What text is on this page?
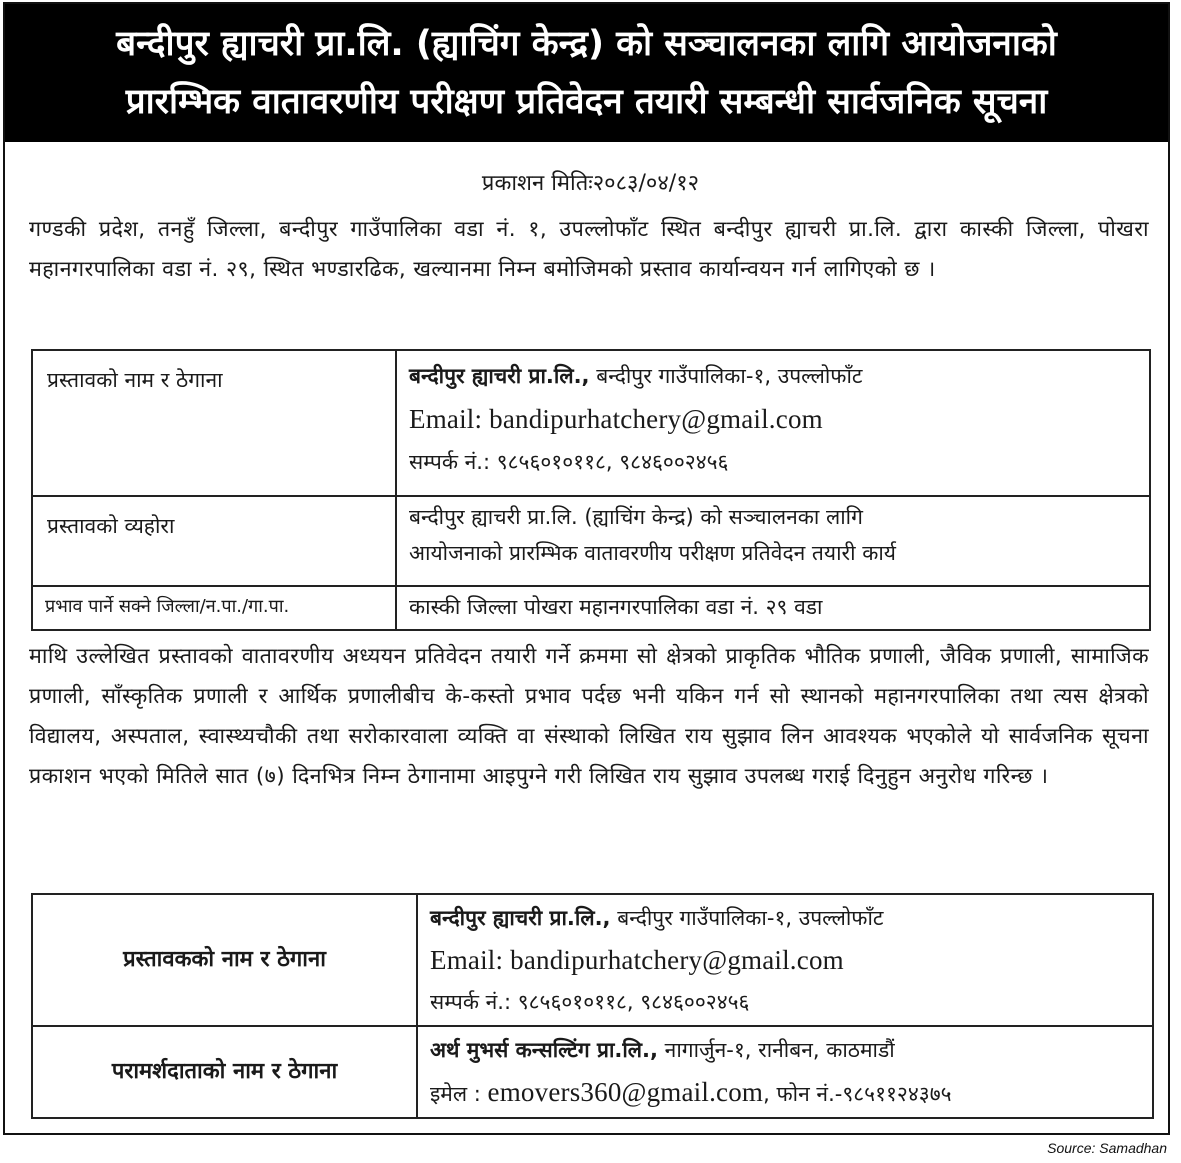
बन्दीपुर ह्याचरी प्रा.लि. (ह्याचिंग केन्द्र) को सञ्चालनका लागि आयोजनाको
प्रारम्भिक वातावरणीय परीक्षण प्रतिवेदन तयारी सम्बन्धी सार्वजनिक सूचना
प्रकाशन मितिः२०८३/०४/१२
गण्डकी प्रदेश, तनहुँ जिल्ला, बन्दीपुर गाउँपालिका वडा नं. १, उपल्लोफाँट स्थित बन्दीपुर ह्याचरी प्रा.लि. द्वारा कास्की जिल्ला, पोखरा महानगरपालिका वडा नं. २९, स्थित भण्डारढिक, खल्यानमा निम्न बमोजिमको प्रस्ताव कार्यान्वयन गर्न लागिएको छ ।
प्रस्तावको नाम र ठेगाना	बन्दीपुर ह्याचरी प्रा.लि., बन्दीपुर गाउँपालिका-१, उपल्लोफाँट
Email: bandipurhatchery@gmail.com
सम्पर्क नं.: ९८५६०१०११८, ९८४६००२४५६

प्रस्तावको व्यहोरा	बन्दीपुर ह्याचरी प्रा.लि. (ह्याचिंग केन्द्र) को सञ्चालनका लागि
आयोजनाको प्रारम्भिक वातावरणीय परीक्षण प्रतिवेदन तयारी कार्य

प्रभाव पार्ने सक्ने जिल्ला/न.पा./गा.पा.	कास्की जिल्ला पोखरा महानगरपालिका वडा नं. २९ वडा
माथि उल्लेखित प्रस्तावको वातावरणीय अध्ययन प्रतिवेदन तयारी गर्ने क्रममा सो क्षेत्रको प्राकृतिक भौतिक प्रणाली, जैविक प्रणाली, सामाजिक प्रणाली, साँस्कृतिक प्रणाली र आर्थिक प्रणालीबीच के-कस्तो प्रभाव पर्दछ भनी यकिन गर्न सो स्थानको महानगरपालिका तथा त्यस क्षेत्रको विद्यालय, अस्पताल, स्वास्थ्यचौकी तथा सरोकारवाला व्यक्ति वा संस्थाको लिखित राय सुझाव लिन आवश्यक भएकोले यो सार्वजनिक सूचना प्रकाशन भएको मितिले सात (७) दिनभित्र निम्न ठेगानामा आइपुग्ने गरी लिखित राय सुझाव उपलब्ध गराई दिनुहुन अनुरोध गरिन्छ ।
प्रस्तावकको नाम र ठेगाना	बन्दीपुर ह्याचरी प्रा.लि., बन्दीपुर गाउँपालिका-१, उपल्लोफाँट
Email: bandipurhatchery@gmail.com
सम्पर्क नं.: ९८५६०१०११८, ९८४६००२४५६

परामर्शदाताको नाम र ठेगाना	अर्थ मुभर्स कन्सल्टिंग प्रा.लि., नागार्जुन-१, रानीबन, काठमाडौं
इमेल : emovers360@gmail.com, फोन नं.-९८५११२४३७५
Source: Samadhan
